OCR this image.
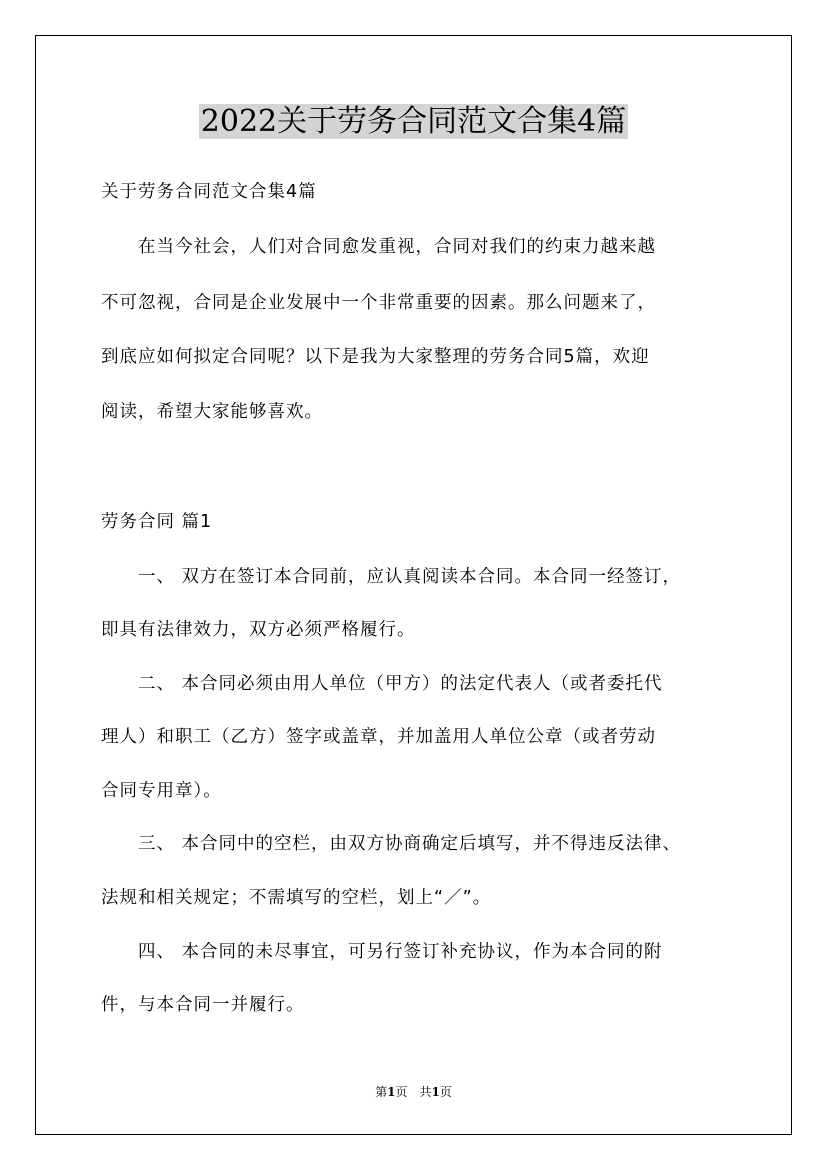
2022关于劳务合同范文合集4篇

关于劳务合同范文合集4篇

　　在当今社会，人们对合同愈发重视，合同对我们的约束力越来越

不可忽视，合同是企业发展中一个非常重要的因素。那么问题来了，

到底应如何拟定合同呢？以下是我为大家整理的劳务合同5篇，欢迎

阅读，希望大家能够喜欢。

劳务合同 篇1

　　一、 双方在签订本合同前，应认真阅读本合同。本合同一经签订，

即具有法律效力，双方必须严格履行。

　　二、 本合同必须由用人单位（甲方）的法定代表人（或者委托代

理人）和职工（乙方）签字或盖章，并加盖用人单位公章（或者劳动

合同专用章）。

　　三、 本合同中的空栏，由双方协商确定后填写，并不得违反法律、

法规和相关规定；不需填写的空栏，划上“／”。

　　四、 本合同的未尽事宜，可另行签订补充协议，作为本合同的附

件，与本合同一并履行。

第1页　共1页
